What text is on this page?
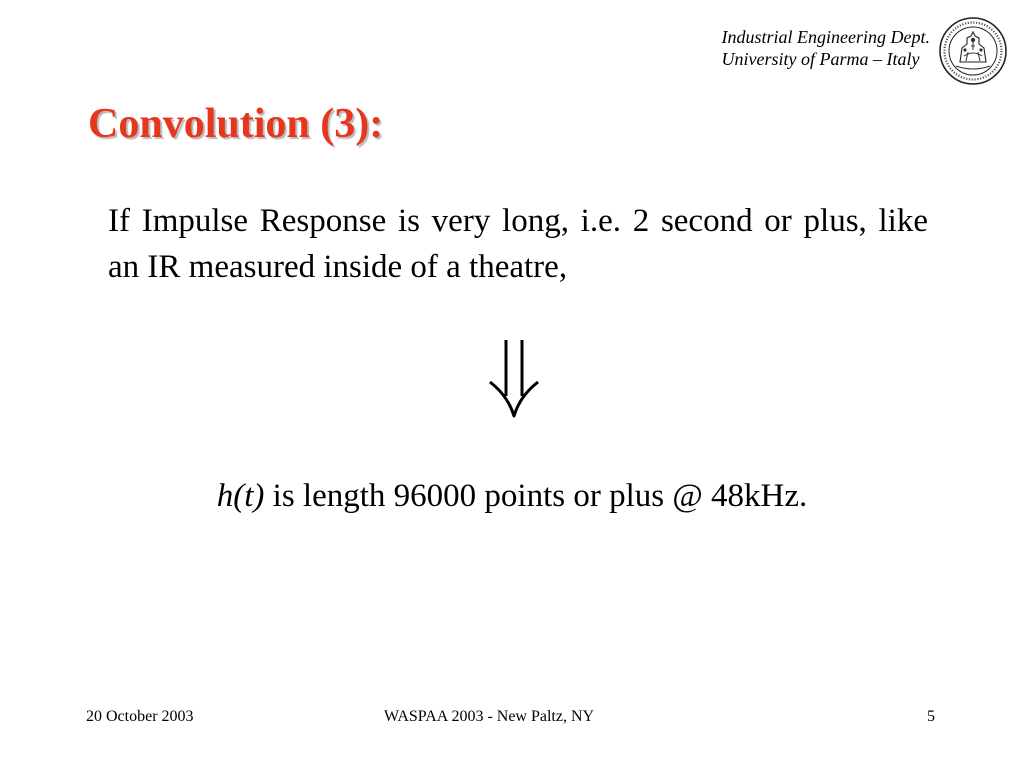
Industrial Engineering Dept.
University of Parma – Italy
Convolution (3):
If Impulse Response is very long, i.e. 2 second or plus, like an IR measured inside of a theatre,
h(t) is length 96000 points or plus @ 48kHz.
20 October 2003	WASPAA 2003 - New Paltz, NY	5
